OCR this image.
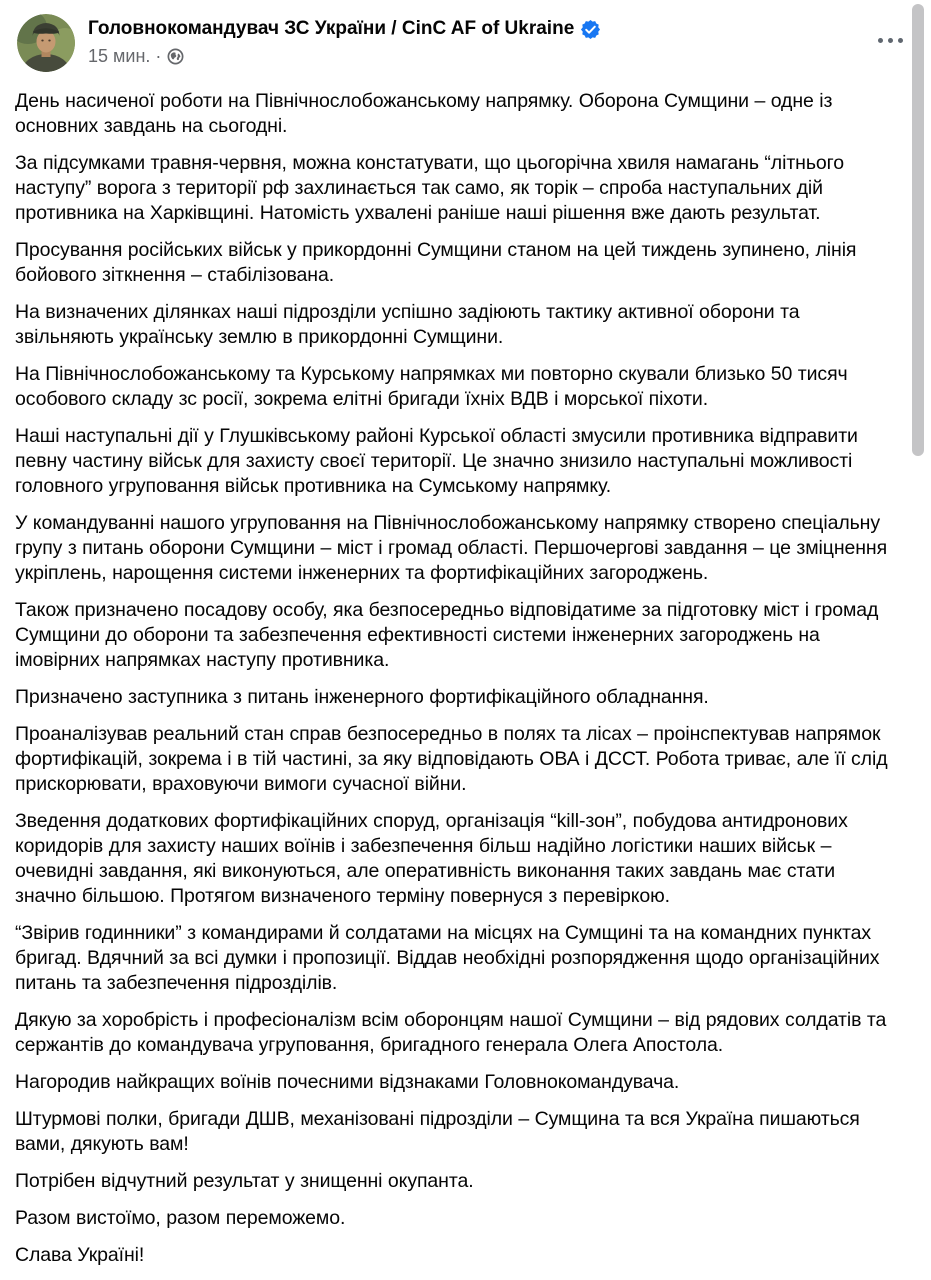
Головнокомандувач ЗС України / CinC AF of Ukraine
15 мин. ·

День насиченої роботи на Північнослобожанському напрямку. Оборона Сумщини – одне із основних завдань на сьогодні.

За підсумками травня-червня, можна констатувати, що цьогорічна хвиля намагань “літнього наступу” ворога з території рф захлинається так само, як торік – спроба наступальних дій противника на Харківщині. Натомість ухвалені раніше наші рішення вже дають результат.

Просування російських військ у прикордонні Сумщини станом на цей тиждень зупинено, лінія бойового зіткнення – стабілізована.

На визначених ділянках наші підрозділи успішно задіюють тактику активної оборони та звільняють українську землю в прикордонні Сумщини.

На Північнослобожанському та Курському напрямках ми повторно скували близько 50 тисяч особового складу зс росії, зокрема елітні бригади їхніх ВДВ і морської піхоти.

Наші наступальні дії у Глушківському районі Курської області змусили противника відправити певну частину військ для захисту своєї території. Це значно знизило наступальні можливості головного угруповання військ противника на Сумському напрямку.

У командуванні нашого угруповання на Північнослобожанському напрямку створено спеціальну групу з питань оборони Сумщини – міст і громад області. Першочергові завдання – це зміцнення укріплень, нарощення системи інженерних та фортифікаційних загороджень.

Також призначено посадову особу, яка безпосередньо відповідатиме за підготовку міст і громад Сумщини до оборони та забезпечення ефективності системи інженерних загороджень на імовірних напрямках наступу противника.

Призначено заступника з питань інженерного фортифікаційного обладнання.

Проаналізував реальний стан справ безпосередньо в полях та лісах – проінспектував напрямок фортифікацій, зокрема і в тій частині, за яку відповідають ОВА і ДССТ. Робота триває, але її слід прискорювати, враховуючи вимоги сучасної війни.

Зведення додаткових фортифікаційних споруд, організація “kill-зон”, побудова антидронових коридорів для захисту наших воїнів і забезпечення більш надійно логістики наших військ – очевидні завдання, які виконуються, але оперативність виконання таких завдань має стати значно більшою. Протягом визначеного терміну повернуся з перевіркою.

“Звірив годинники” з командирами й солдатами на місцях на Сумщині та на командних пунктах бригад. Вдячний за всі думки і пропозиції. Віддав необхідні розпорядження щодо організаційних питань та забезпечення підрозділів.

Дякую за хоробрість і професіоналізм всім оборонцям нашої Сумщини – від рядових солдатів та сержантів до командувача угруповання, бригадного генерала Олега Апостола.

Нагородив найкращих воїнів почесними відзнаками Головнокомандувача.

Штурмові полки, бригади ДШВ, механізовані підрозділи – Сумщина та вся Україна пишаються вами, дякують вам!

Потрібен відчутний результат у знищенні окупанта.

Разом вистоїмо, разом переможемо.

Слава Україні!
